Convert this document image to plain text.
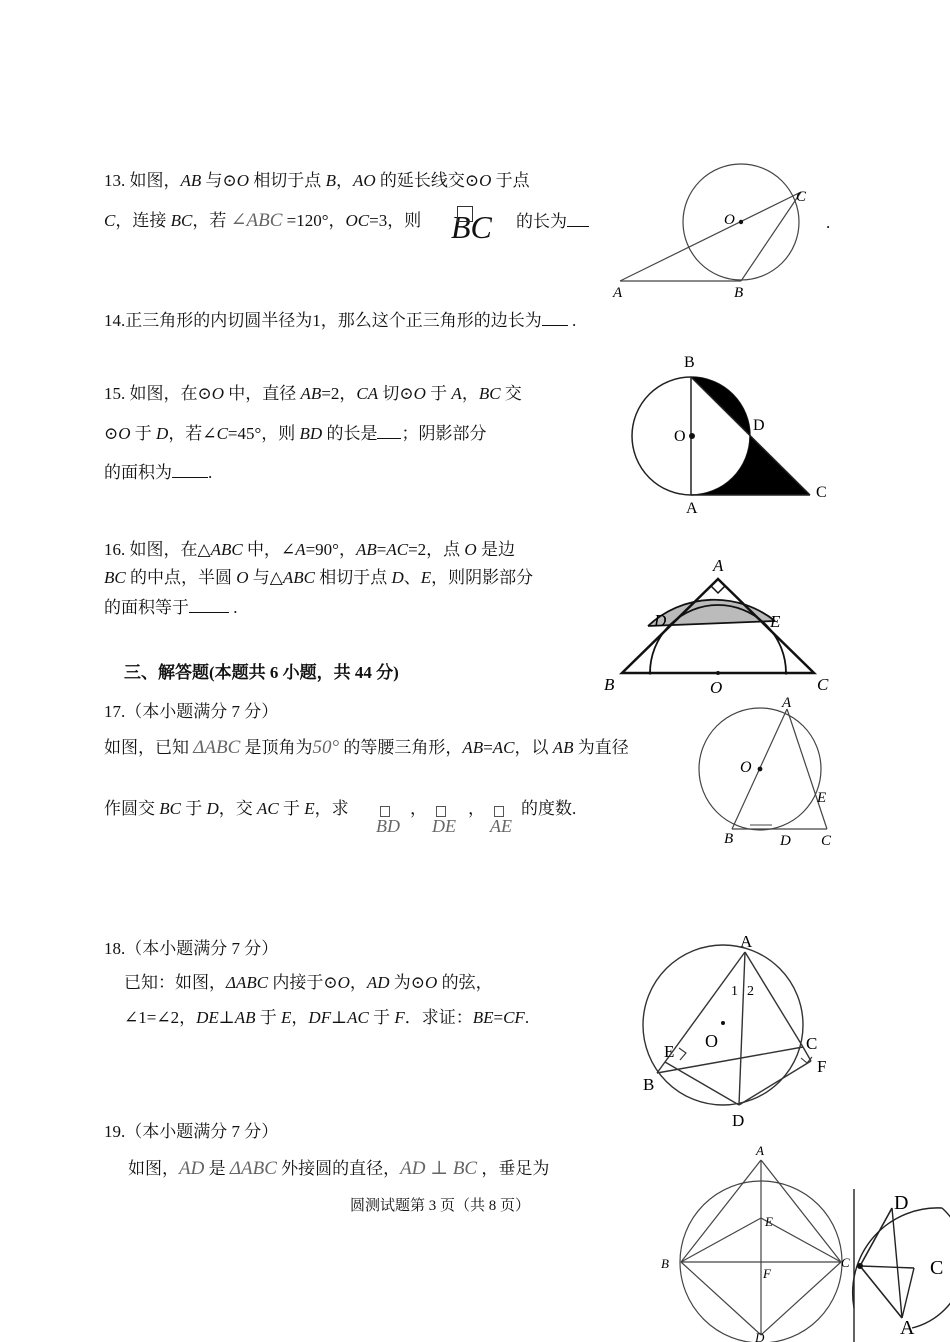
13. 如图，AB 与⊙O 相切于点 B，AO 的延长线交⊙O 于点
C，连接 BC，若 ∠ABC =120°，OC=3，则 BC 的长为	.
O
C
A	B
14.正三角形的内切圆半径为1，那么这个正三角形的边长为 .
15. 如图，在⊙O 中，直径 AB=2，CA 切⊙O 于 A，BC 交
⊙O 于 D，若∠C=45°，则 BD 的长是 ；阴影部分
的面积为 .
B
O
D
C
A
16. 如图，在△ABC 中，∠A=90°，AB=AC=2，点 O 是边
BC 的中点，半圆 O 与△ABC 相切于点 D、E，则阴影部分
的面积等于 .
A
D	E
B	O	C
三、解答题(本题共 6 小题，共 44 分)
17.（本小题满分 7 分）
如图，已知 ΔABC 是顶角为50° 的等腰三角形，AB=AC，以 AB 为直径
作圆交 BC 于 D，交 AC 于 E，求
BD
，
DE
，
AE
的度数.
A
O
E
B	D C
18.（本小题满分 7 分）
已知：如图，ΔABC 内接于⊙O，AD 为⊙O 的弦，
∠1=∠2，DE⊥AB 于 E，DF⊥AC 于 F．求证：BE=CF.
A
1 2
O
E
B
C
F
D
19.（本小题满分 7 分）
如图，AD 是 ΔABC 外接圆的直径，AD ⊥ BC ，垂足为
A
E
B	C
F
D
D
C
A
圆测试题第 3 页（共 8 页）
